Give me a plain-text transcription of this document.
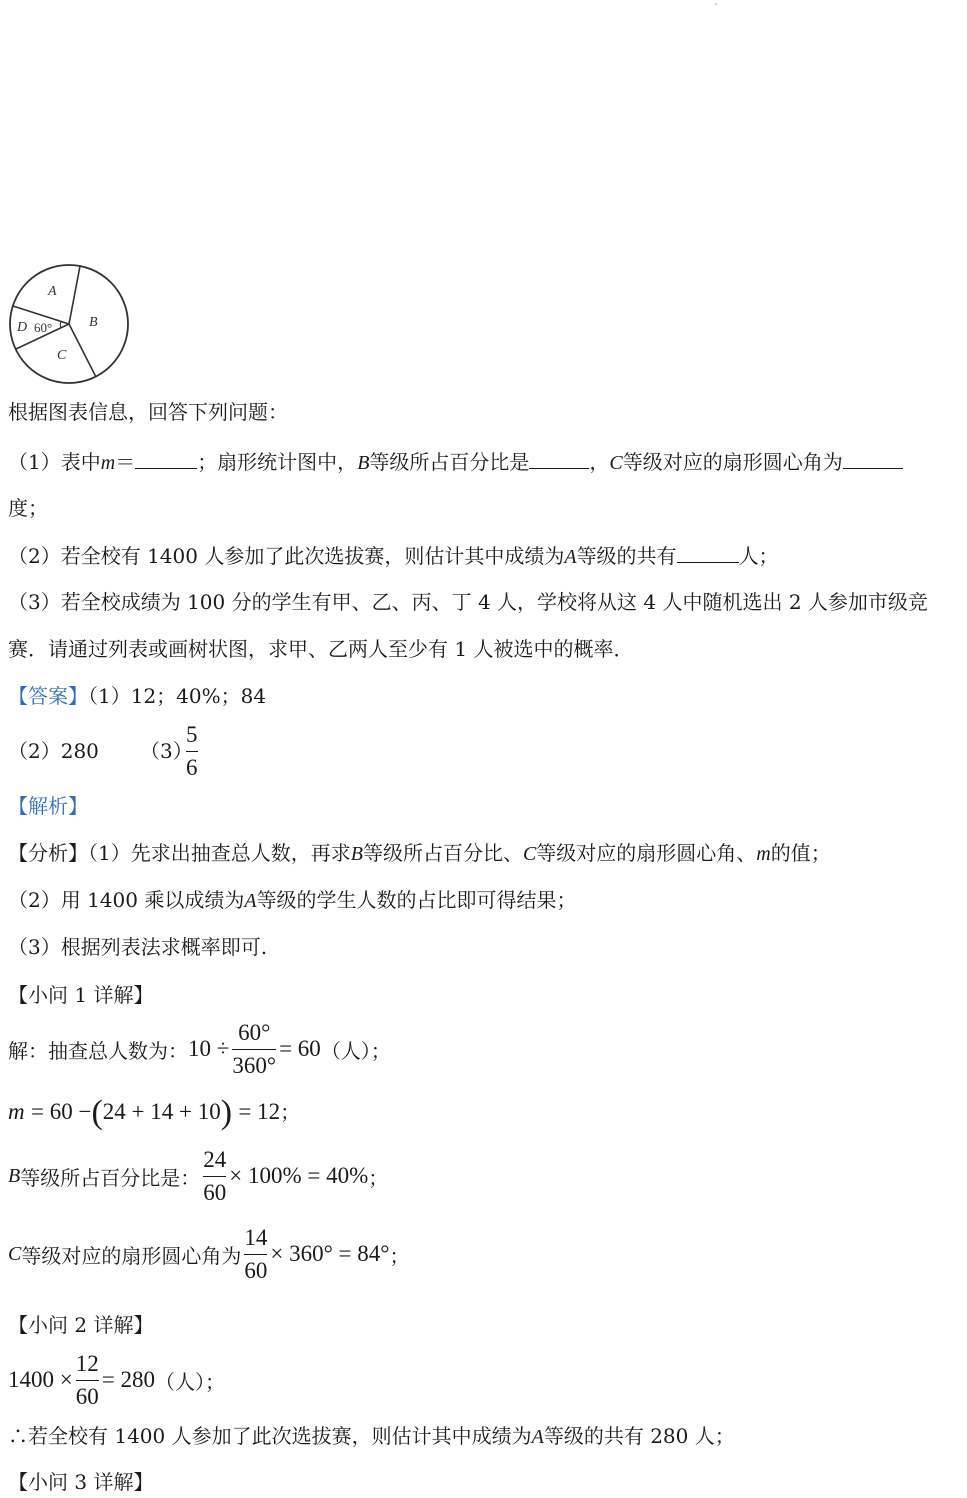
.
A
B
C
D 60°
根据图表信息，回答下列问题：
（1）表中m＝	；扇形统计图中，B等级所占百分比是	，C等级对应的扇形圆心角为
度；
（2）若全校有 1400 人参加了此次选拔赛，则估计其中成绩为A等级的共有	人；
（3）若全校成绩为 100 分的学生有甲、乙、丙、丁 4 人，学校将从这 4 人中随机选出 2 人参加市级竞
赛．请通过列表或画树状图，求甲、乙两人至少有 1 人被选中的概率．
【答案】（1）12；40%；84
（2）280 （3）
5
6
【解析】
【分析】（1）先求出抽查总人数，再求B等级所占百分比、C等级对应的扇形圆心角、m的值；
（2）用 1400 乘以成绩为A等级的学生人数的占比即可得结果；
（3）根据列表法求概率即可.
【小问 1 详解】
解：抽查总人数为： $10 \div \frac{60^\circ}{360^\circ} = 60$ （人）；
m = 60 −(24 + 14 + 10) = 12；
B 等级所占百分比是： $\frac{24}{60} \times 100\% = 40\%$ ；
C 等级对应的扇形圆心角为 $\frac{14}{60} \times 360^\circ = 84^\circ$ ；
【小问 2 详解】
$1400 \times \frac{12}{60} = 280$ （人）；
∴若全校有 1400 人参加了此次选拔赛，则估计其中成绩为A等级的共有 280 人；
【小问 3 详解】
